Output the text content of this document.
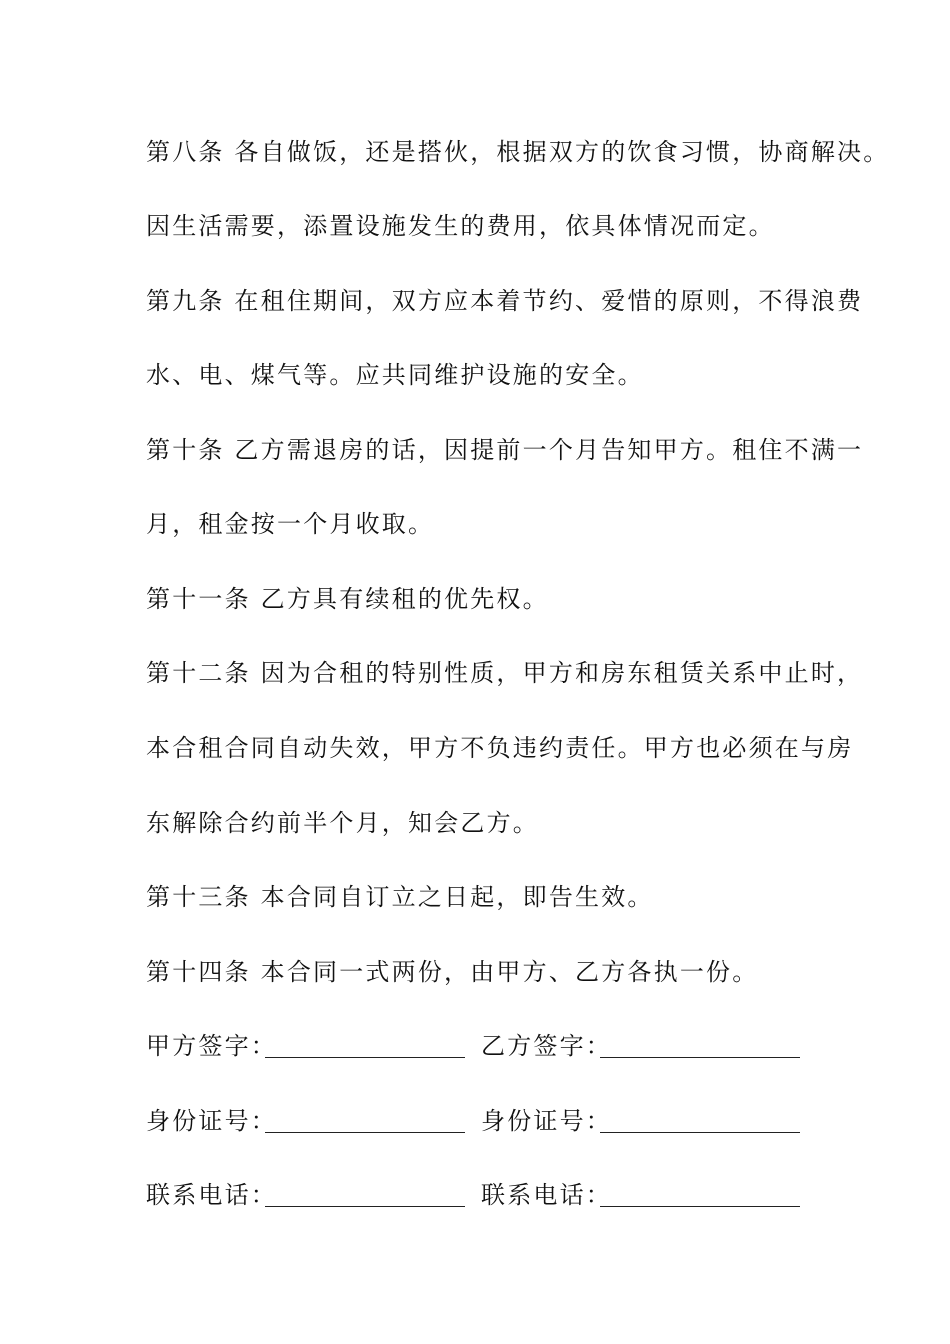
第八条 各自做饭，还是搭伙，根据双方的饮食习惯，协商解决。
因生活需要，添置设施发生的费用，依具体情况而定。
第九条 在租住期间，双方应本着节约、爱惜的原则，不得浪费
水、电、煤气等。应共同维护设施的安全。
第十条 乙方需退房的话，因提前一个月告知甲方。租住不满一
月，租金按一个月收取。
第十一条 乙方具有续租的优先权。
第十二条 因为合租的特别性质，甲方和房东租赁关系中止时，
本合租合同自动失效，甲方不负违约责任。甲方也必须在与房
东解除合约前半个月，知会乙方。
第十三条 本合同自订立之日起，即告生效。
第十四条 本合同一式两份，由甲方、乙方各执一份。
甲方签字：	乙方签字：
身份证号：	身份证号：
联系电话：	联系电话：
